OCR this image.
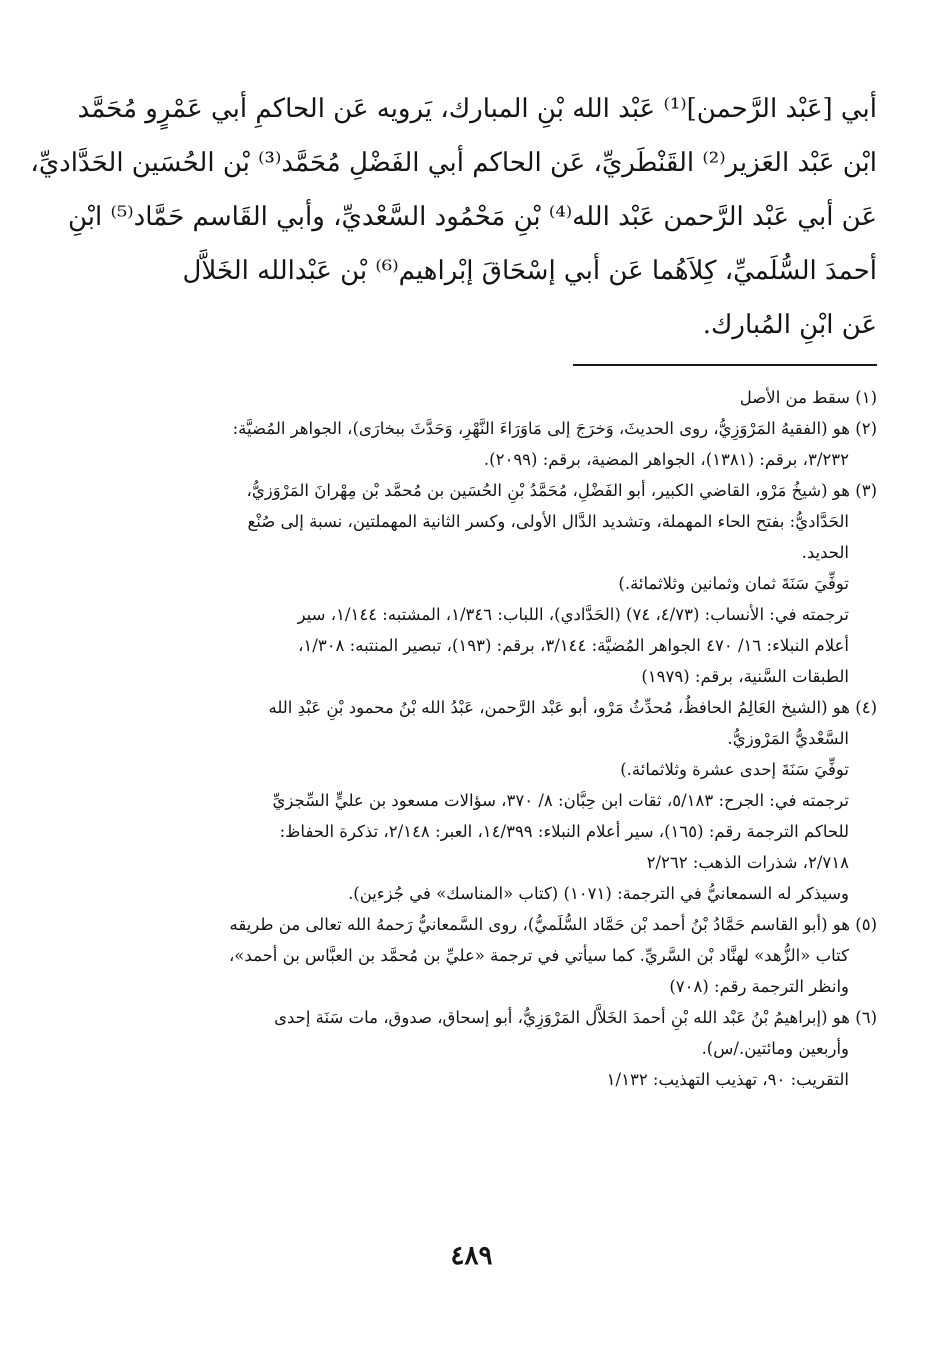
أبي [عَبْد الرَّحمن]⁽¹⁾ عَبْد الله بْنِ المبارك، يَرويه عَن الحاكمِ أبي عَمْرٍو مُحَمَّد
ابْن عَبْد العَزير⁽²⁾ القَنْطَريِّ، عَن الحاكم أبي الفَضْلِ مُحَمَّد⁽³⁾ بْن الحُسَين الحَدَّاديِّ،
عَن أبي عَبْد الرَّحمن عَبْد الله⁽⁴⁾ بْنِ مَحْمُود السَّعْديِّ، وأبي القَاسم حَمَّاد⁽⁵⁾ ابْنِ
أحمدَ السُّلَميِّ، كِلاَهُما عَن أبي إسْحَاقَ إبْراهيم⁽⁶⁾ بْن عَبْدالله الخَلاَّل
عَن ابْنِ المُبارك.
(١) سقط من الأصل
(٢) هو (الفقيهُ المَرْوَزِيُّ، روى الحديثَ، وَخرَجَ إلى مَاوَرَاءَ النَّهْرِ، وَحَدَّثَ ببخارَى)، الجواهر المُضيَّة:
٣/٢٣٢، برقم: (١٣٨١)، الجواهر المضية، برقم: (٢٠٩٩).
(٣) هو (شيخُ مَرْو، القاضي الكبير، أبو الفَضْلِ، مُحَمَّدُ بْنِ الحُسَين بن مُحمَّد بْن مِهْرانَ المَرْوَزيُّ،
الحَدَّاديُّ: بفتح الحاء المهملة، وتشديد الدَّال الأولى، وكسر الثانية المهملتين، نسبة إلى صُنْع
الحديد.
توفِّيَ سَنَةَ ثمان وثمانين وثلاثمائة.)
ترجمته في: الأنساب: (٤/٧٣، ٧٤) (الحَدَّادي)، اللباب: ١/٣٤٦، المشتبه: ١/١٤٤، سير
أعلام النبلاء: ١٦/ ٤٧٠ الجواهر المُضيَّة: ٣/١٤٤، برقم: (١٩٣)، تبصير المنتبه: ١/٣٠٨،
الطبقات السَّنية، برقم: (١٩٧٩)
(٤) هو (الشيخ العَالِمُ الحافظُ، مُحدِّثُ مَرْو، أبو عَبْد الرَّحمن، عَبْدُ الله بْنُ محمود بْنِ عَبْدِ الله
السَّعْديُّ المَرْوزيُّ.
توفِّيَ سَنَةَ إحدى عشرة وثلاثمائة.)
ترجمته في: الجرح: ٥/١٨٣، ثقات ابن حِبَّان: ٨/ ٣٧٠، سؤالات مسعود بن عليٍّ السِّجزيِّ
للحاكم الترجمة رقم: (١٦٥)، سير أعلام النبلاء: ١٤/٣٩٩، العبر: ٢/١٤٨، تذكرة الحفاظ:
٢/٧١٨، شذرات الذهب: ٢/٢٦٢
وسيذكر له السمعانيُّ في الترجمة: (١٠٧١) (كتاب «المناسك» في جُزءين).
(٥) هو (أبو القاسم حَمَّادُ بْنُ أحمد بْن حَمَّاد السُّلَميُّ)، روى السَّمعانيُّ رَحمهُ الله تعالى من طريقه
كتاب «الزُّهد» لهنَّاد بْن السَّريِّ. كما سيأتي في ترجمة «عليِّ بن مُحمَّد بن العبَّاس بن أحمد»،
وانظر الترجمة رقم: (٧٠٨)
(٦) هو (إبراهيمُ بْنُ عَبْد الله بْنِ أحمدَ الخَلاَّل المَرْوَزِيُّ، أبو إسحاق، صدوق، مات سَنَة إحدى
وأربعين ومائتين./س).
التقريب: ٩٠، تهذيب التهذيب: ١/١٣٢
٤٨٩
